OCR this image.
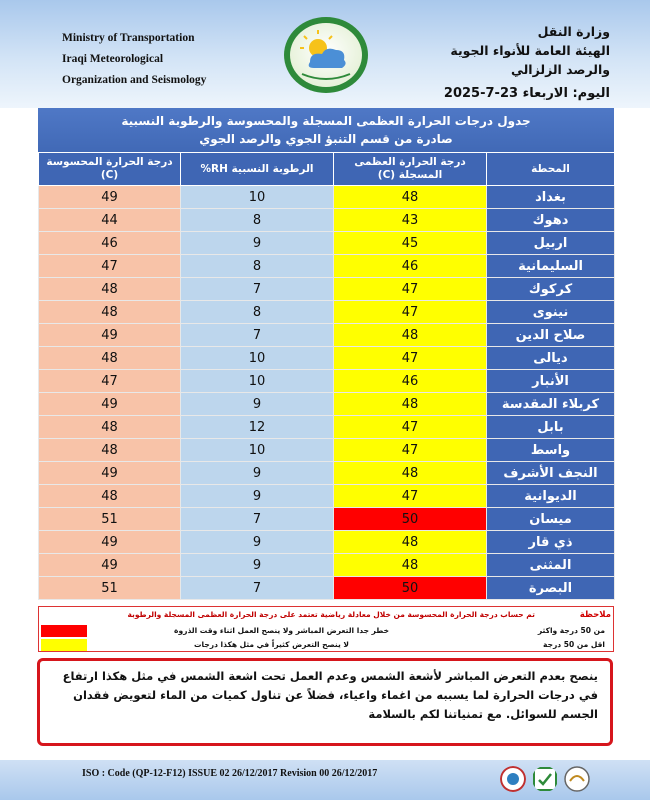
Ministry of Transportation
Iraqi Meteorological
Organization and Seismology
وزارة النقل
الهيئة العامة للأنواء الجوية
والرصد الزلزالي
اليوم: الاربعاء 23-7-2025
جدول درجات الحرارة العظمى المسجلة والمحسوسة والرطوبة النسبية
صادرة من قسم التنبؤ الجوي والرصد الجوي
درجة الحرارة المحسوسة (C)	الرطوبة النسبية RH%	درجة الحرارة العظمى المسجلة (C)	المحطة
49	10	48	بغداد
44	8	43	دهوك
46	9	45	اربيل
47	8	46	السليمانية
48	7	47	كركوك
48	8	47	نينوى
49	7	48	صلاح الدين
48	10	47	ديالى
47	10	46	الأنبار
49	9	48	كربلاء المقدسة
48	12	47	بابل
48	10	47	واسط
49	9	48	النجف الأشرف
48	9	47	الديوانية
51	7	50	ميسان
49	9	48	ذي قار
49	9	48	المثنى
51	7	50	البصرة
ملاحظة
تم حساب درجة الحرارة المحسوسة من خلال معادلة رياضية تعتمد على درجة الحرارة العظمى المسجلة والرطوبة
من 50 درجة واكثر
خطر جدا التعرض المباشر ولا ينصح العمل اثناء وقت الذروة
اقل من 50 درجة
لا ينصح التعرض كثيراً في مثل هكذا درجات

ينصح بعدم التعرض المباشر لأشعة الشمس وعدم العمل تحت اشعة الشمس في مثل هكذا ارتفاع في درجات الحرارة لما يسببه من اغماء واعياء، فضلاً عن تناول كميات من الماء لتعويض فقدان الجسم للسوائل. مع تمنياتنا لكم بالسلامة

ISO : Code (QP-12-F12) ISSUE 02 26/12/2017 Revision 00 26/12/2017
